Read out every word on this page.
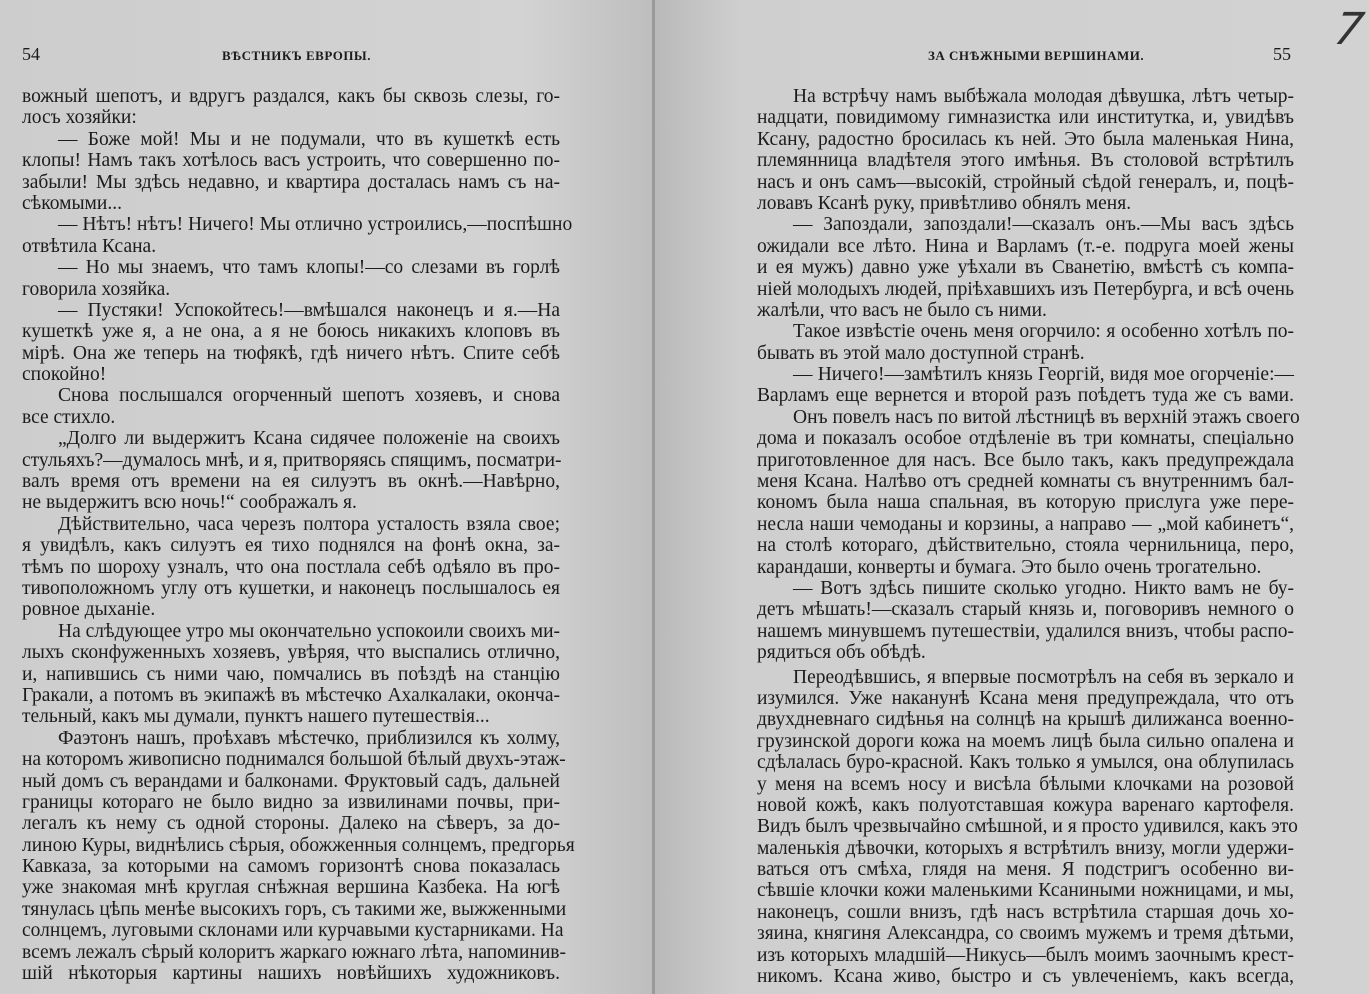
54	ВѢСТНИКЪ ЕВРОПЫ.
вожный шепотъ, и вдругъ раздался, какъ бы сквозь слезы, го-
лосъ хозяйки:
— Боже мой! Мы и не подумали, что въ кушеткѣ есть
клопы! Намъ такъ хотѣлось васъ устроить, что совершенно по-
забыли! Мы здѣсь недавно, и квартира досталась намъ съ на-
сѣкомыми...
— Нѣтъ! нѣтъ! Ничего! Мы отлично устроились,—поспѣшно
отвѣтила Ксана.
— Но мы знаемъ, что тамъ клопы!—со слезами въ горлѣ
говорила хозяйка.
— Пустяки! Успокойтесь!—вмѣшался наконецъ и я.—На
кушеткѣ уже я, а не она, а я не боюсь никакихъ клоповъ въ
мірѣ. Она же теперь на тюфякѣ, гдѣ ничего нѣтъ. Спите себѣ
спокойно!
Снова послышался огорченный шепотъ хозяевъ, и снова
все стихло.
„Долго ли выдержитъ Ксана сидячее положеніе на своихъ
стульяхъ?—думалось мнѣ, и я, притворяясь спящимъ, посматри-
валъ время отъ времени на ея силуэтъ въ окнѣ.—Навѣрно,
не выдержитъ всю ночь!“ соображалъ я.
Дѣйствительно, часа черезъ полтора усталость взяла свое;
я увидѣлъ, какъ силуэтъ ея тихо поднялся на фонѣ окна, за-
тѣмъ по шороху узналъ, что она постлала себѣ одѣяло въ про-
тивоположномъ углу отъ кушетки, и наконецъ послышалось ея
ровное дыханіе.
На слѣдующее утро мы окончательно успокоили своихъ ми-
лыхъ сконфуженныхъ хозяевъ, увѣряя, что выспались отлично,
и, напившись съ ними чаю, помчались въ поѣздѣ на станцію
Гракали, а потомъ въ экипажѣ въ мѣстечко Ахалкалаки, оконча-
тельный, какъ мы думали, пунктъ нашего путешествія...
Фаэтонъ нашъ, проѣхавъ мѣстечко, приблизился къ холму,
на которомъ живописно поднимался большой бѣлый двухъ-этаж-
ный домъ съ верандами и балконами. Фруктовый садъ, дальней
границы котораго не было видно за извилинами почвы, при-
легалъ къ нему съ одной стороны. Далеко на сѣверъ, за до-
линою Куры, виднѣлись сѣрыя, обожженныя солнцемъ, предгорья
Кавказа, за которыми на самомъ горизонтѣ снова показалась
уже знакомая мнѣ круглая снѣжная вершина Казбека. На югѣ
тянулась цѣпь менѣе высокихъ горъ, съ такими же, выжженными
солнцемъ, луговыми склонами или курчавыми кустарниками. На
всемъ лежалъ сѣрый колоритъ жаркаго южнаго лѣта, напоминив-
шій нѣкоторыя картины нашихъ новѣйшихъ художниковъ.
ЗА СНѢЖНЫМИ ВЕРШИНАМИ.	55
На встрѣчу намъ выбѣжала молодая дѣвушка, лѣтъ четыр-
надцати, повидимому гимназистка или институтка, и, увидѣвъ
Ксану, радостно бросилась къ ней. Это была маленькая Нина,
племянница владѣтеля этого имѣнья. Въ столовой встрѣтилъ
насъ и онъ самъ—высокій, стройный сѣдой генералъ, и, поцѣ-
ловавъ Ксанѣ руку, привѣтливо обнялъ меня.
— Запоздали, запоздали!—сказалъ онъ.—Мы васъ здѣсь
ожидали все лѣто. Нина и Варламъ (т.-е. подруга моей жены
и ея мужъ) давно уже уѣхали въ Сванетію, вмѣстѣ съ компа-
ніей молодыхъ людей, пріѣхавшихъ изъ Петербурга, и всѣ очень
жалѣли, что васъ не было съ ними.
Такое извѣстіе очень меня огорчило: я особенно хотѣлъ по-
бывать въ этой мало доступной странѣ.
— Ничего!—замѣтилъ князь Георгій, видя мое огорченіе:—
Варламъ еще вернется и второй разъ поѣдетъ туда же съ вами.
Онъ повелъ насъ по витой лѣстницѣ въ верхній этажъ своего
дома и показалъ особое отдѣленіе въ три комнаты, спеціально
приготовленное для насъ. Все было такъ, какъ предупреждала
меня Ксана. Налѣво отъ средней комнаты съ внутреннимъ бал-
кономъ была наша спальная, въ которую прислуга уже пере-
несла наши чемоданы и корзины, а направо — „мой кабинетъ“,
на столѣ котораго, дѣйствительно, стояла чернильница, перо,
карандаши, конверты и бумага. Это было очень трогательно.
— Вотъ здѣсь пишите сколько угодно. Никто вамъ не бу-
детъ мѣшать!—сказалъ старый князь и, поговоривъ немного о
нашемъ минувшемъ путешествіи, удалился внизъ, чтобы распо-
рядиться объ обѣдѣ.
Переодѣвшись, я впервые посмотрѣлъ на себя въ зеркало и
изумился. Уже наканунѣ Ксана меня предупреждала, что отъ
двухдневнаго сидѣнья на солнцѣ на крышѣ дилижанса военно-
грузинской дороги кожа на моемъ лицѣ была сильно опалена и
сдѣлалась буро-красной. Какъ только я умылся, она облупилась
у меня на всемъ носу и висѣла бѣлыми клочками на розовой
новой кожѣ, какъ полуотставшая кожура варенаго картофеля.
Видъ былъ чрезвычайно смѣшной, и я просто удивился, какъ это
маленькія дѣвочки, которыхъ я встрѣтилъ внизу, могли удержи-
ваться отъ смѣха, глядя на меня. Я подстригъ особенно ви-
сѣвшіе клочки кожи маленькими Ксаниными ножницами, и мы,
наконецъ, сошли внизъ, гдѣ насъ встрѣтила старшая дочь хо-
зяина, княгиня Александра, со своимъ мужемъ и тремя дѣтьми,
изъ которыхъ младшій—Никусь—былъ моимъ заочнымъ крест-
никомъ. Ксана живо, быстро и съ увлеченіемъ, какъ всегда,
7
